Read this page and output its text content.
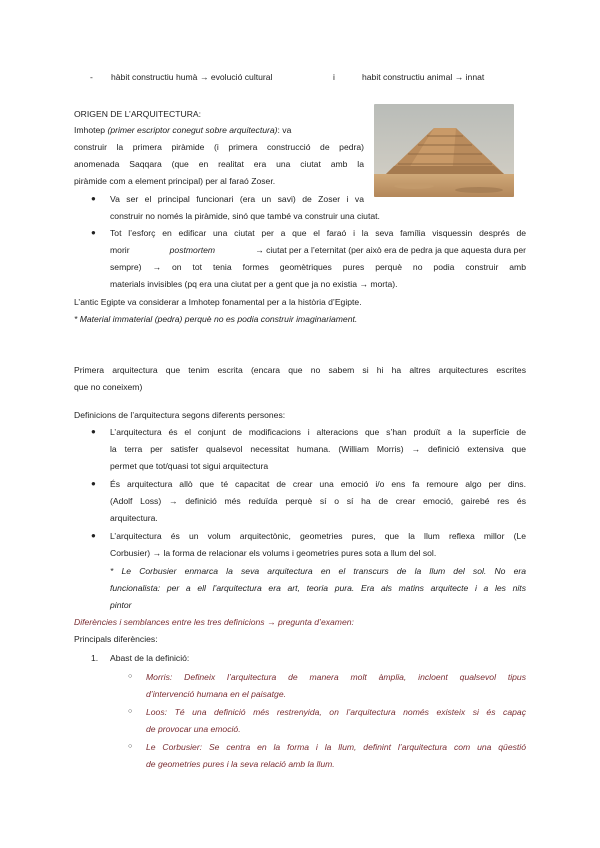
- hàbit constructiu humà → evolució cultural	i	habit constructiu animal → innat
ORIGEN DE L’ARQUITECTURA:
Imhotep (primer escriptor conegut sobre arquitectura): va
construir la primera piràmide (i primera construcció de pedra)
anomenada Saqqara (que en realitat era una ciutat amb la
piràmide com a element principal) per al faraó Zoser.
● Va ser el principal funcionari (era un savi) de Zoser i va
construir no només la piràmide, sinó que també va construir una ciutat.
● Tot l’esforç en edificar una ciutat per a que el faraó i la seva família visquessin després de
morir	postmortem	→ ciutat per a l’eternitat (per això era de pedra ja que aquesta dura per
sempre) → on tot tenia formes geomètriques pures perquè no podia construir amb
materials invisibles (pq era una ciutat per a gent que ja no existia → morta).
L’antic Egipte va considerar a Imhotep fonamental per a la història d’Egipte.
* Material immaterial (pedra) perquè no es podia construir imaginariament.
Primera arquitectura que tenim escrita (encara que no sabem si hi ha altres arquitectures escrites
que no coneixem)
Definicions de l’arquitectura segons diferents persones:
● L’arquitectura és el conjunt de modificacions i alteracions que s’han produït a la superfície de
la terra per satisfer qualsevol necessitat humana. (William Morris) → definició extensiva que
permet que tot/quasi tot sigui arquitectura
● És arquitectura allò que té capacitat de crear una emoció i/o ens fa remoure algo per dins.
(Adolf Loss) → definició més reduïda perquè sí o sí ha de crear emoció, gairebé res és
arquitectura.
● L’arquitectura és un volum arquitectònic, geometries pures, que la llum reflexa millor (Le
Corbusier) → la forma de relacionar els volums i geometries pures sota a llum del sol.
* Le Corbusier enmarca la seva arquitectura en el transcurs de la llum del sol. No era
funcionalista: per a ell l’arquitectura era art, teoria pura. Era als matins arquitecte i a les nits
pintor
Diferències i semblances entre les tres definicions → pregunta d’examen:
Principals diferències:
1. Abast de la definició:
○ Morris: Defineix l’arquitectura de manera molt àmplia, incloent qualsevol tipus
d’intervenció humana en el paisatge.
○ Loos: Té una definició més restrenyida, on l’arquitectura només existeix si és capaç
de provocar una emoció.
○ Le Corbusier: Se centra en la forma i la llum, definint l’arquitectura com una qüestió
de geometries pures i la seva relació amb la llum.
